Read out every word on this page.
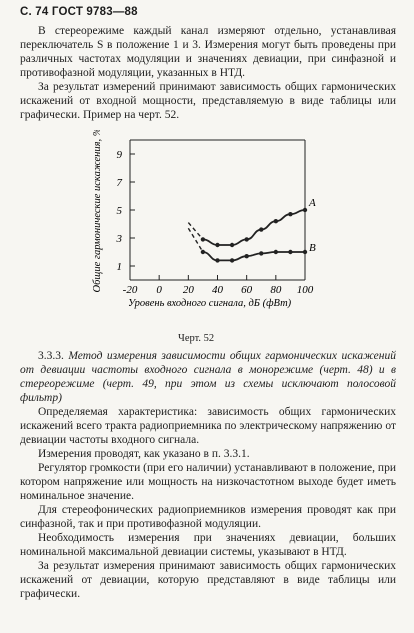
С. 74 ГОСТ 9783—88

В стереорежиме каждый канал измеряют отдельно, устанавливая переключатель S в положение 1 и 3. Измерения могут быть проведены при различных частотах модуляции и значениях девиации, при синфазной и противофазной модуляции, указанных в НТД.

За результат измерений принимают зависимость общих гармонических искажений от входной мощности, представляемую в виде таблицы или графически. Пример на черт. 52.

1
3
5
7
9
-20 0 20 40 60 80 100
Уровень входного сигнала, дБ (фВт)
Общие гармонические искажения, %	A
B
Черт. 52

3.3.3. Метод измерения зависимости общих гармонических искажений от девиации частоты входного сигнала в монорежиме (черт. 48) и в стереорежиме (черт. 49, при этом из схемы исключают полосовой фильтр)

Определяемая характеристика: зависимость общих гармонических искажений всего тракта радиоприемника по электрическому напряжению от девиации частоты входного сигнала.

Измерения проводят, как указано в п. 3.3.1.

Регулятор громкости (при его наличии) устанавливают в положение, при котором напряжение или мощность на низкочастотном выходе будет иметь номинальное значение.

Для стереофонических радиоприемников измерения проводят как при синфазной, так и при противофазной модуляции.

Необходимость измерения при значениях девиации, больших номинальной максимальной девиации системы, указывают в НТД.

За результат измерения принимают зависимость общих гармонических искажений от девиации, которую представляют в виде таблицы или графически.
